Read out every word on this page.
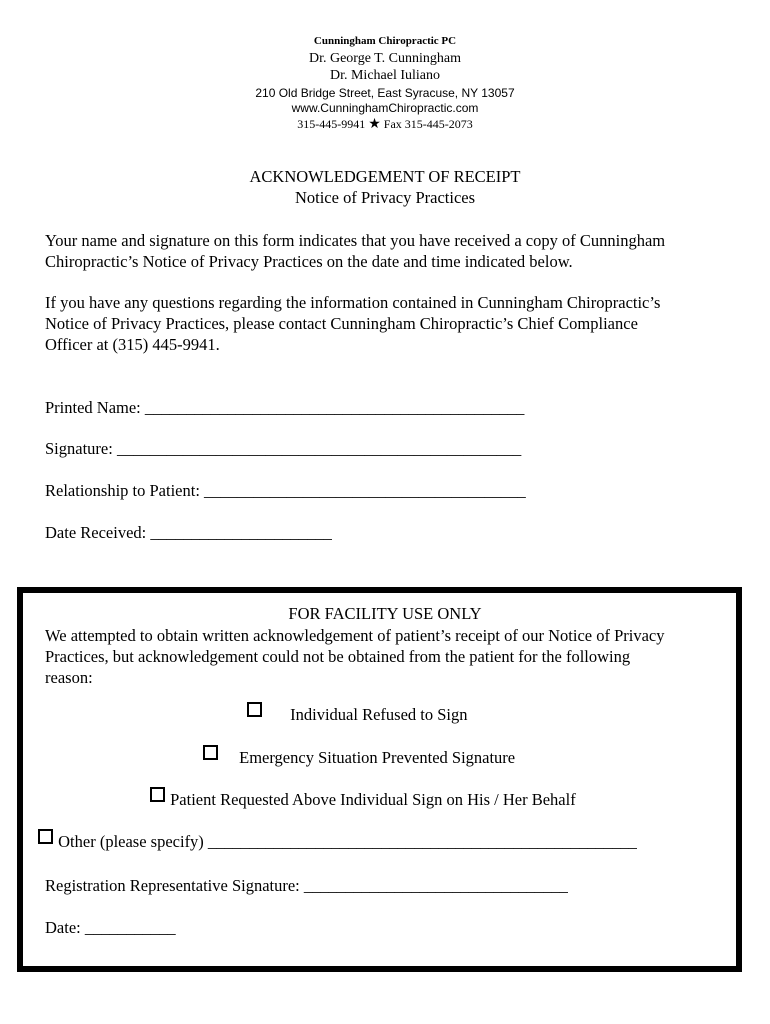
Cunningham Chiropractic PC
Dr. George T. Cunningham
Dr. Michael Iuliano
210 Old Bridge Street, East Syracuse, NY 13057
www.CunninghamChiropractic.com
315-445-9941 ★ Fax 315-445-2073
ACKNOWLEDGEMENT OF RECEIPT
Notice of Privacy Practices
Your name and signature on this form indicates that you have received a copy of Cunningham
Chiropractic’s Notice of Privacy Practices on the date and time indicated below.
If you have any questions regarding the information contained in Cunningham Chiropractic’s
Notice of Privacy Practices, please contact Cunningham Chiropractic’s Chief Compliance
Officer at (315) 445-9941.
Printed Name: ______________________________________________
Signature: _________________________________________________
Relationship to Patient: _______________________________________
Date Received: ______________________
FOR FACILITY USE ONLY
We attempted to obtain written acknowledgement of patient’s receipt of our Notice of Privacy
Practices, but acknowledgement could not be obtained from the patient for the following
reason:
Individual Refused to Sign
Emergency Situation Prevented Signature
Patient Requested Above Individual Sign on His / Her Behalf
Other (please specify) ____________________________________________________
Registration Representative Signature: ________________________________
Date: ___________
